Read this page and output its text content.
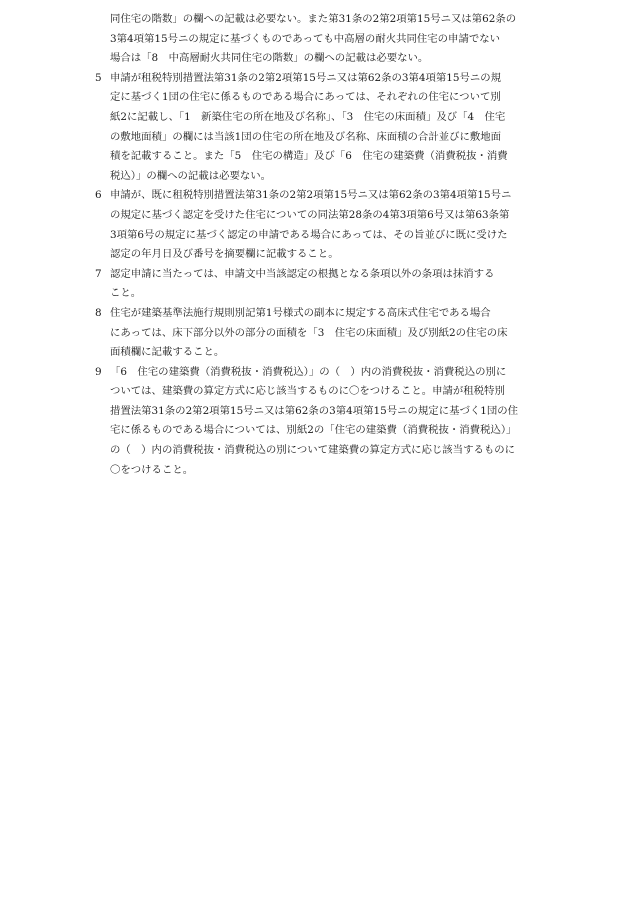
同住宅の階数」の欄への記載は必要ない。また第31条の2第2項第15号ニ又は第62条の
3第4項第15号ニの規定に基づくものであっても中高層の耐火共同住宅の申請でない
場合は「8　中高層耐火共同住宅の階数」の欄への記載は必要ない。

5 申請が租税特別措置法第31条の2第2項第15号ニ又は第62条の3第4項第15号ニの規
定に基づく1団の住宅に係るものである場合にあっては、それぞれの住宅について別
紙2に記載し、「1　新築住宅の所在地及び名称」、「3　住宅の床面積」及び「4　住宅
の敷地面積」の欄には当該1団の住宅の所在地及び名称、床面積の合計並びに敷地面
積を記載すること。また「5　住宅の構造」及び「6　住宅の建築費（消費税抜・消費
税込）」の欄への記載は必要ない。

6 申請が、既に租税特別措置法第31条の2第2項第15号ニ又は第62条の3第4項第15号ニ
の規定に基づく認定を受けた住宅についての同法第28条の4第3項第6号又は第63条第
3項第6号の規定に基づく認定の申請である場合にあっては、その旨並びに既に受けた
認定の年月日及び番号を摘要欄に記載すること。

7 認定申請に当たっては、申請文中当該認定の根拠となる条項以外の条項は抹消する
こと。

8 住宅が建築基準法施行規則別記第1号様式の副本に規定する高床式住宅である場合
にあっては、床下部分以外の部分の面積を「3　住宅の床面積」及び別紙2の住宅の床
面積欄に記載すること。

9 「6　住宅の建築費（消費税抜・消費税込）」の（　）内の消費税抜・消費税込の別に
ついては、建築費の算定方式に応じ該当するものに〇をつけること。申請が租税特別
措置法第31条の2第2項第15号ニ又は第62条の3第4項第15号ニの規定に基づく1団の住
宅に係るものである場合については、別紙2の「住宅の建築費（消費税抜・消費税込）」
の（　）内の消費税抜・消費税込の別について建築費の算定方式に応じ該当するものに
〇をつけること。
